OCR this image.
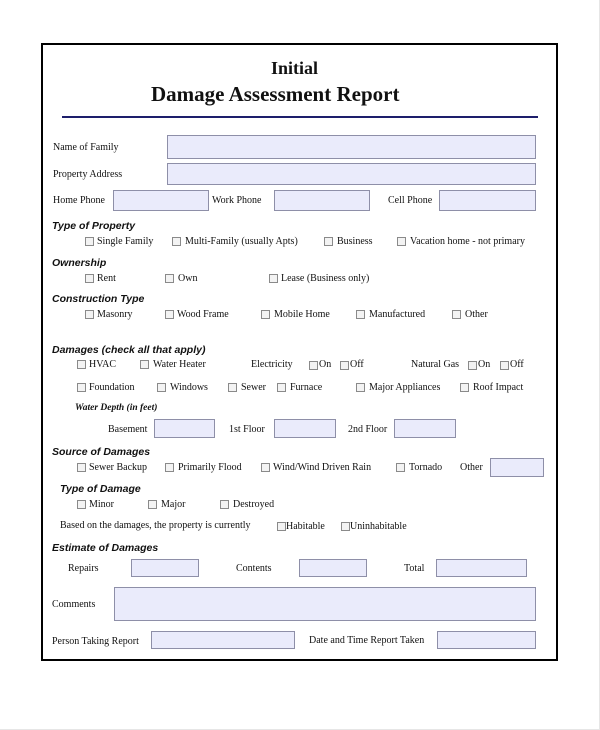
Initial
Damage Assessment Report
Name of Family
Property Address
Home Phone	Work Phone	Cell Phone
Type of Property
Single Family	Multi-Family (usually Apts)	Business	Vacation home - not primary
Ownership
Rent	Own	Lease (Business only)
Construction Type
Masonry	Wood Frame	Mobile Home	Manufactured	Other
Damages (check all that apply)
HVAC	Water Heater	Electricity	On Off	Natural Gas On Off
Foundation	Windows	Sewer Furnace	Major Appliances	Roof Impact
Water Depth (in feet)
Basement	1st Floor	2nd Floor
Source of Damages
Sewer Backup	Primarily Flood	Wind/Wind Driven Rain	Tornado Other
Type of Damage
Minor	Major	Destroyed
Based on the damages, the property is currently	Habitable	Uninhabitable
Estimate of Damages
Repairs	Contents	Total
Comments
Person Taking Report	Date and Time Report Taken
